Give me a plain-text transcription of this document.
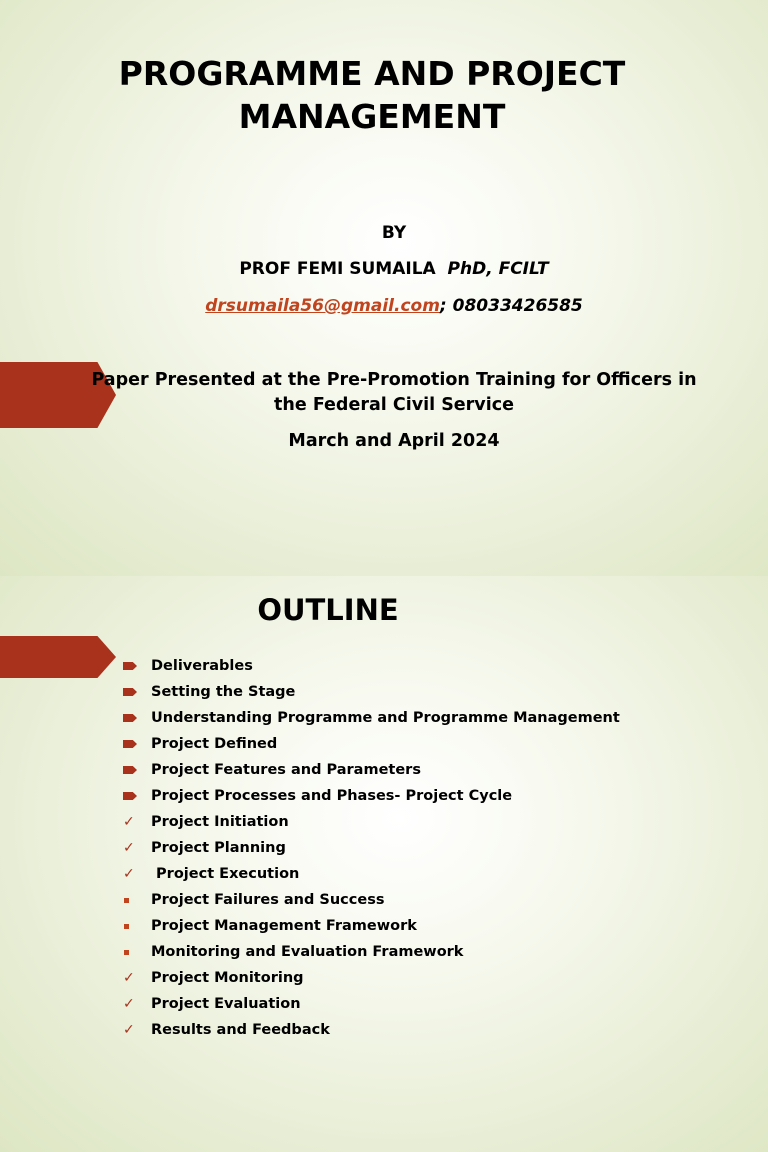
PROGRAMME AND PROJECT
MANAGEMENT
BY
PROF FEMI SUMAILA PhD, FCILT
drsumaila56@gmail.com; 08033426585
Paper Presented at the Pre-Promotion Training for Officers in
the Federal Civil Service
March and April 2024
OUTLINE
Deliverables
Setting the Stage
Understanding Programme and Programme Management
Project Defined
Project Features and Parameters
Project Processes and Phases- Project Cycle
✓ Project Initiation
✓ Project Planning
✓ Project Execution
Project Failures and Success
Project Management Framework
Monitoring and Evaluation Framework
✓ Project Monitoring
✓ Project Evaluation
✓ Results and Feedback
